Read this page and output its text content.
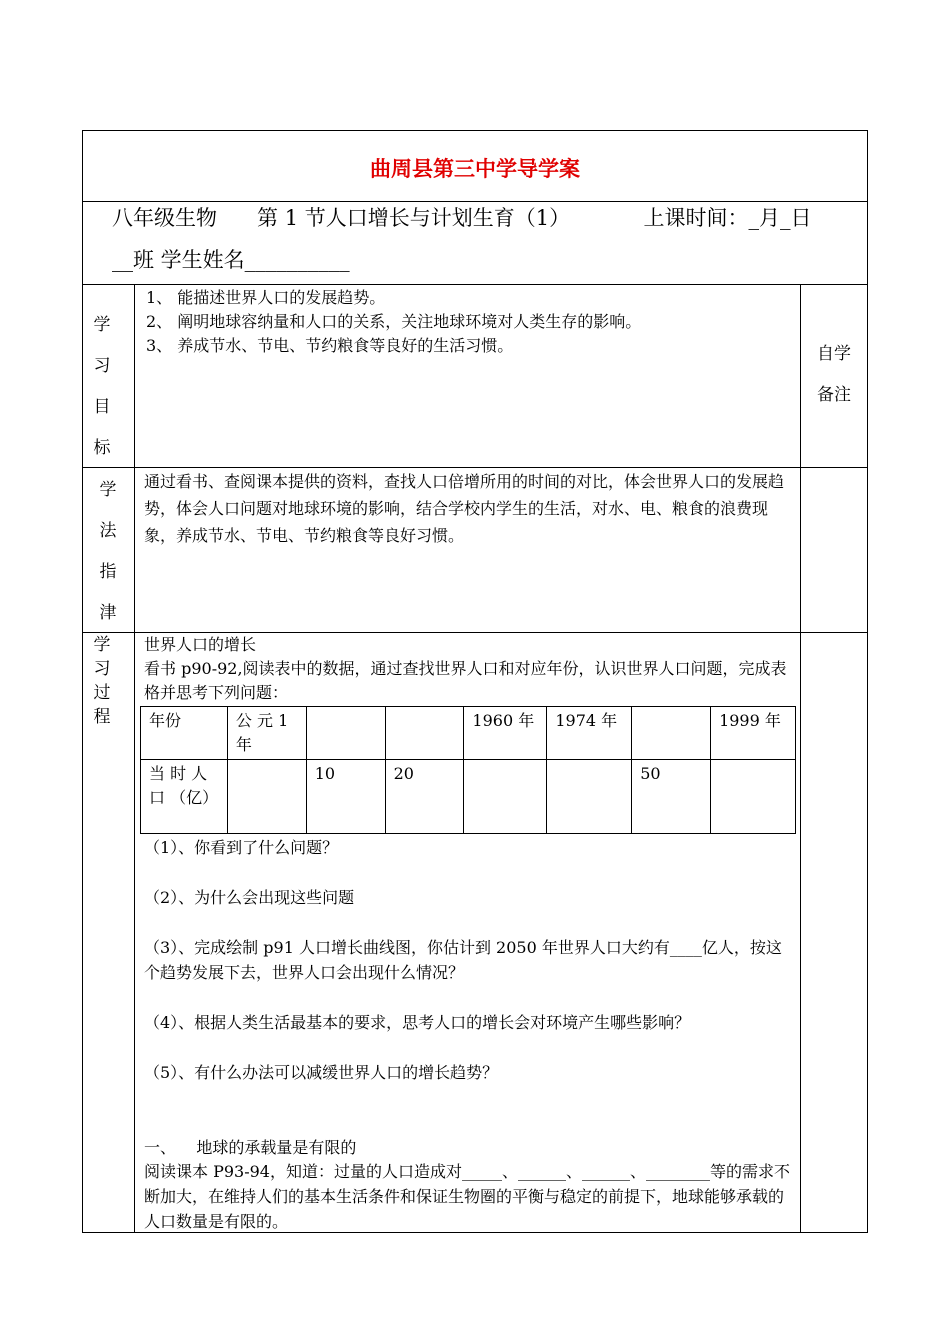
曲周县第三中学导学案
八年级生物      第 1 节人口增长与计划生育（1）           上课时间：_月_日
__班 学生姓名__________
学
习
目
标
1、 能描述世界人口的发展趋势。
2、 阐明地球容纳量和人口的关系，关注地球环境对人类生存的影响。
3、 养成节水、节电、节约粮食等良好的生活习惯。	自学
备注
学
法
指
津
通过看书、查阅课本提供的资料，查找人口倍增所用的时间的对比，体会世界人口的发展趋势，体会人口问题对地球环境的影响，结合学校内学生的生活，对水、电、粮食的浪费现象，养成节水、节电、节约粮食等良好习惯。
学
习
过
程
世界人口的增长
看书 p90-92,阅读表中的数据，通过查找世界人口和对应年份，认识世界人口问题，完成表格并思考下列问题：
年份	公 元 1 年			1960 年	1974 年		1999 年
当 时 人 口 （亿）		10	20			50	
（1）、你看到了什么问题？
（2）、为什么会出现这些问题
（3）、完成绘制 p91 人口增长曲线图，你估计到 2050 年世界人口大约有____亿人，按这个趋势发展下去，世界人口会出现什么情况？
（4）、根据人类生活最基本的要求，思考人口的增长会对环境产生哪些影响？
（5）、有什么办法可以减缓世界人口的增长趋势？
一、    地球的承载量是有限的
阅读课本 P93-94，知道：过量的人口造成对_____、______、______、________等的需求不断加大，在维持人们的基本生活条件和保证生物圈的平衡与稳定的前提下，地球能够承载的人口数量是有限的。
